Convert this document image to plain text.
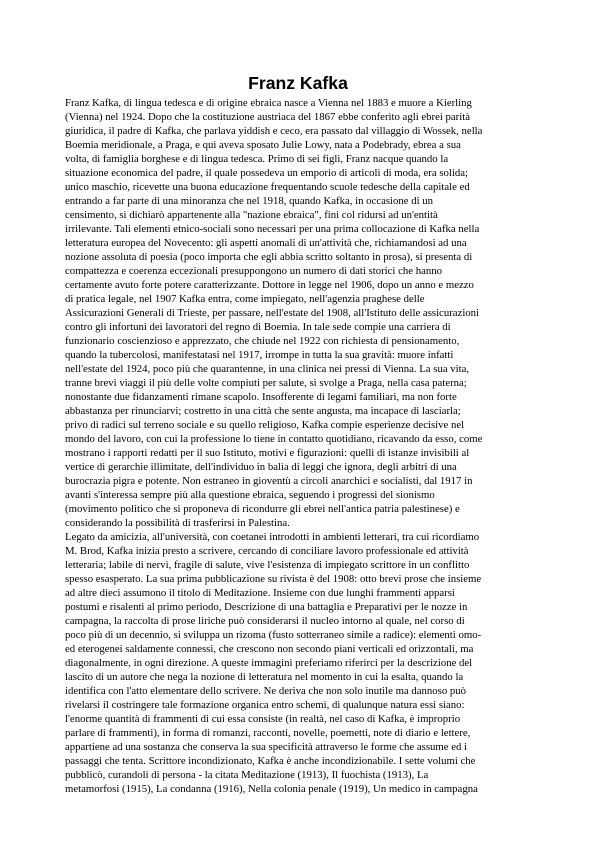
Franz Kafka
Franz Kafka, di lingua tedesca e di origine ebraica nasce a Vienna nel 1883 e muore a Kierling
(Vienna) nel 1924. Dopo che la costituzione austriaca del 1867 ebbe conferito agli ebrei parità
giuridica, il padre di Kafka, che parlava yiddish e ceco, era passato dal villaggio di Wossek, nella
Boemia meridionale, a Praga, e qui aveva sposato Julie Lowy, nata a Podebrady, ebrea a sua
volta, di famiglia borghese e di lingua tedesca. Primo di sei figli, Franz nacque quando la
situazione economica del padre, il quale possedeva un emporio di articoli di moda, era solida;
unico maschio, ricevette una buona educazione frequentando scuole tedesche della capitale ed
entrando a far parte di una minoranza che nel 1918, quando Kafka, in occasione di un
censimento, si dichiarò appartenente alla "nazione ebraica", fini col ridursi ad un'entità
irrilevante. Tali elementi etnico-sociali sono necessari per una prima collocazione di Kafka nella
letteratura europea del Novecento: gli aspetti anomali di un'attività che, richiamandosi ad una
nozione assoluta di poesia (poco importa che egli abbia scritto soltanto in prosa), si presenta di
compattezza e coerenza eccezionali presuppongono un numero di dati storici che hanno
certamente avuto forte potere caratterizzante. Dottore in legge nel 1906, dopo un anno e mezzo
di pratica legale, nel 1907 Kafka entra, come impiegato, nell'agenzia praghese delle
Assicurazioni Generali di Trieste, per passare, nell'estate del 1908, all'Istituto delle assicurazioni
contro gli infortuni dei lavoratori del regno di Boemia. In tale sede compie una carriera di
funzionario coscienzioso e apprezzato, che chiude nel 1922 con richiesta di pensionamento,
quando la tubercolosi, manifestatasi nel 1917, irrompe in tutta la sua gravità: muore infatti
nell'estate del 1924, poco più che quarantenne, in una clinica nei pressi di Vienna. La sua vita,
tranne brevi viaggi il più delle volte compiuti per salute, si svolge a Praga, nella casa paterna;
nonostante due fidanzamenti rimane scapolo. Insofferente di legami familiari, ma non forte
abbastanza per rinunciarvi; costretto in una città che sente angusta, ma incapace di lasciarla;
privo di radici sul terreno sociale e su quello religioso, Kafka compie esperienze decisive nel
mondo del lavoro, con cui la professione lo tiene in contatto quotidiano, ricavando da esso, come
mostrano i rapporti redatti per il suo Istituto, motivi e figurazioni: quelli di istanze invisibili al
vertice di gerarchie illimitate, dell'individuo in balìa di leggi che ignora, degli arbitri di una
burocrazia pigra e potente. Non estraneo in gioventù a circoli anarchici e socialisti, dal 1917 in
avanti s'interessa sempre più alla questione ebraica, seguendo i progressi del sionismo
(movimento politico che si proponeva di ricondurre gli ebrei nell'antica patria palestinese) e
considerando la possibilità di trasferirsi in Palestina.
Legato da amicizia, all'università, con coetanei introdotti in ambienti letterari, tra cui ricordiamo
M. Brod, Kafka inizia presto a scrivere, cercando di conciliare lavoro professionale ed attività
letteraria; labile di nervi, fragile di salute, vive l'esistenza di impiegato scrittore in un conflitto
spesso esasperato. La sua prima pubblicazione su rivista è del 1908: otto brevi prose che insieme
ad altre dieci assumono il titolo di Meditazione. Insieme con due lunghi frammenti apparsi
postumi e risalenti al primo periodo, Descrizione di una battaglia e Preparativi per le nozze in
campagna, la raccolta di prose liriche può considerarsi il nucleo intorno al quale, nel corso di
poco più di un decennio, si sviluppa un rizoma (fusto sotterraneo simile a radice): elementi omo-
ed eterogenei saldamente connessi, che crescono non secondo piani verticali ed orizzontali, ma
diagonalmente, in ogni direzione. A queste immagini preferiamo riferirci per la descrizione del
lascito di un autore che nega la nozione di letteratura nel momento in cui la esalta, quando la
identifica con l'atto elementare dello scrivere. Ne deriva che non solo inutile ma dannoso può
rivelarsi il costringere tale formazione organica entro schemi, di qualunque natura essi siano:
l'enorme quantità di frammenti di cui essa consiste (in realtà, nel caso di Kafka, è improprio
parlare di frammenti), in forma di romanzi, racconti, novelle, poemetti, note di diario e lettere,
appartiene ad una sostanza che conserva la sua specificità attraverso le forme che assume ed i
passaggi che tenta. Scrittore incondizionato, Kafka è anche incondizionabile. I sette volumi che
pubblicò, curandoli di persona - la citata Meditazione (1913), Il fuochista (1913), La
metamorfosi (1915), La condanna (1916), Nella colonia penale (1919), Un medico in campagna
